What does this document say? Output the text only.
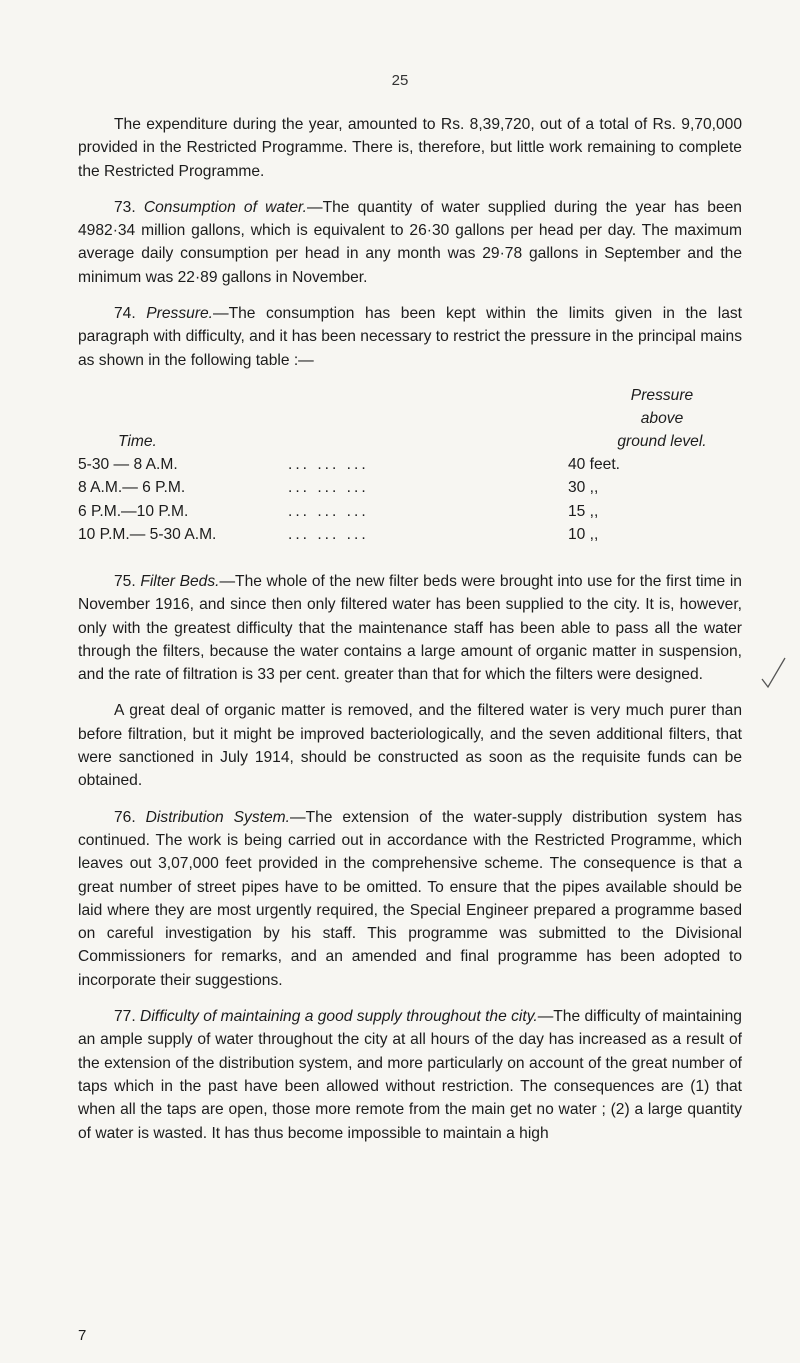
25

The expenditure during the year, amounted to Rs. 8,39,720, out of a total of Rs. 9,70,000 provided in the Restricted Programme. There is, therefore, but little work remaining to complete the Restricted Programme.

73. Consumption of water.—The quantity of water supplied during the year has been 4982·34 million gallons, which is equivalent to 26·30 gallons per head per day. The maximum average daily consumption per head in any month was 29·78 gallons in September and the minimum was 22·89 gallons in November.

74. Pressure.—The consumption has been kept within the limits given in the last paragraph with difficulty, and it has been necessary to restrict the pressure in the principal mains as shown in the following table :—

Time.		Pressure
above
ground level.

5-30 — 8 A.M.	... ... ...	40 feet.
8 A.M.— 6 P.M.	... ... ...	30 ,,
6 P.M.—10 P.M.	... ... ...	15 ,,
10 P.M.— 5-30 A.M.	... ... ...	10 ,,

75. Filter Beds.—The whole of the new filter beds were brought into use for the first time in November 1916, and since then only filtered water has been supplied to the city. It is, however, only with the greatest difficulty that the maintenance staff has been able to pass all the water through the filters, because the water contains a large amount of organic matter in suspension, and the rate of filtration is 33 per cent. greater than that for which the filters were designed.

A great deal of organic matter is removed, and the filtered water is very much purer than before filtration, but it might be improved bacteriologically, and the seven additional filters, that were sanctioned in July 1914, should be constructed as soon as the requisite funds can be obtained.

76. Distribution System.—The extension of the water-supply distribution system has continued. The work is being carried out in accordance with the Restricted Programme, which leaves out 3,07,000 feet provided in the comprehensive scheme. The consequence is that a great number of street pipes have to be omitted. To ensure that the pipes available should be laid where they are most urgently required, the Special Engineer prepared a programme based on careful investigation by his staff. This programme was submitted to the Divisional Commissioners for remarks, and an amended and final programme has been adopted to incorporate their suggestions.

77. Difficulty of maintaining a good supply throughout the city.—The difficulty of maintaining an ample supply of water throughout the city at all hours of the day has increased as a result of the extension of the distribution system, and more particularly on account of the great number of taps which in the past have been allowed without restriction. The consequences are (1) that when all the taps are open, those more remote from the main get no water ; (2) a large quantity of water is wasted. It has thus become impossible to maintain a high

7
